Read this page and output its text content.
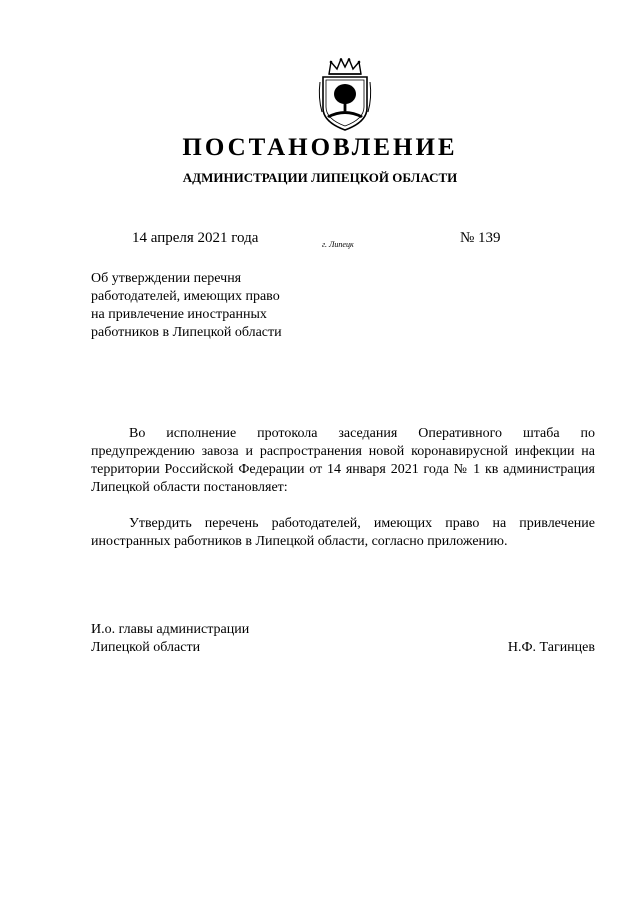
ПОСТАНОВЛЕНИЕ
АДМИНИСТРАЦИИ ЛИПЕЦКОЙ ОБЛАСТИ
14 апреля 2021 года	г. Липецк	№ 139
Об утверждении перечня
работодателей, имеющих право
на привлечение иностранных
работников в Липецкой области
Во исполнение протокола заседания Оперативного штаба по предупреждению завоза и распространения новой коронавирусной инфекции на территории Российской Федерации от 14 января 2021 года № 1 кв администрация Липецкой области постановляет:
Утвердить перечень работодателей, имеющих право на привлечение иностранных работников в Липецкой области, согласно приложению.
И.о. главы администрации
Липецкой области	Н.Ф. Тагинцев
